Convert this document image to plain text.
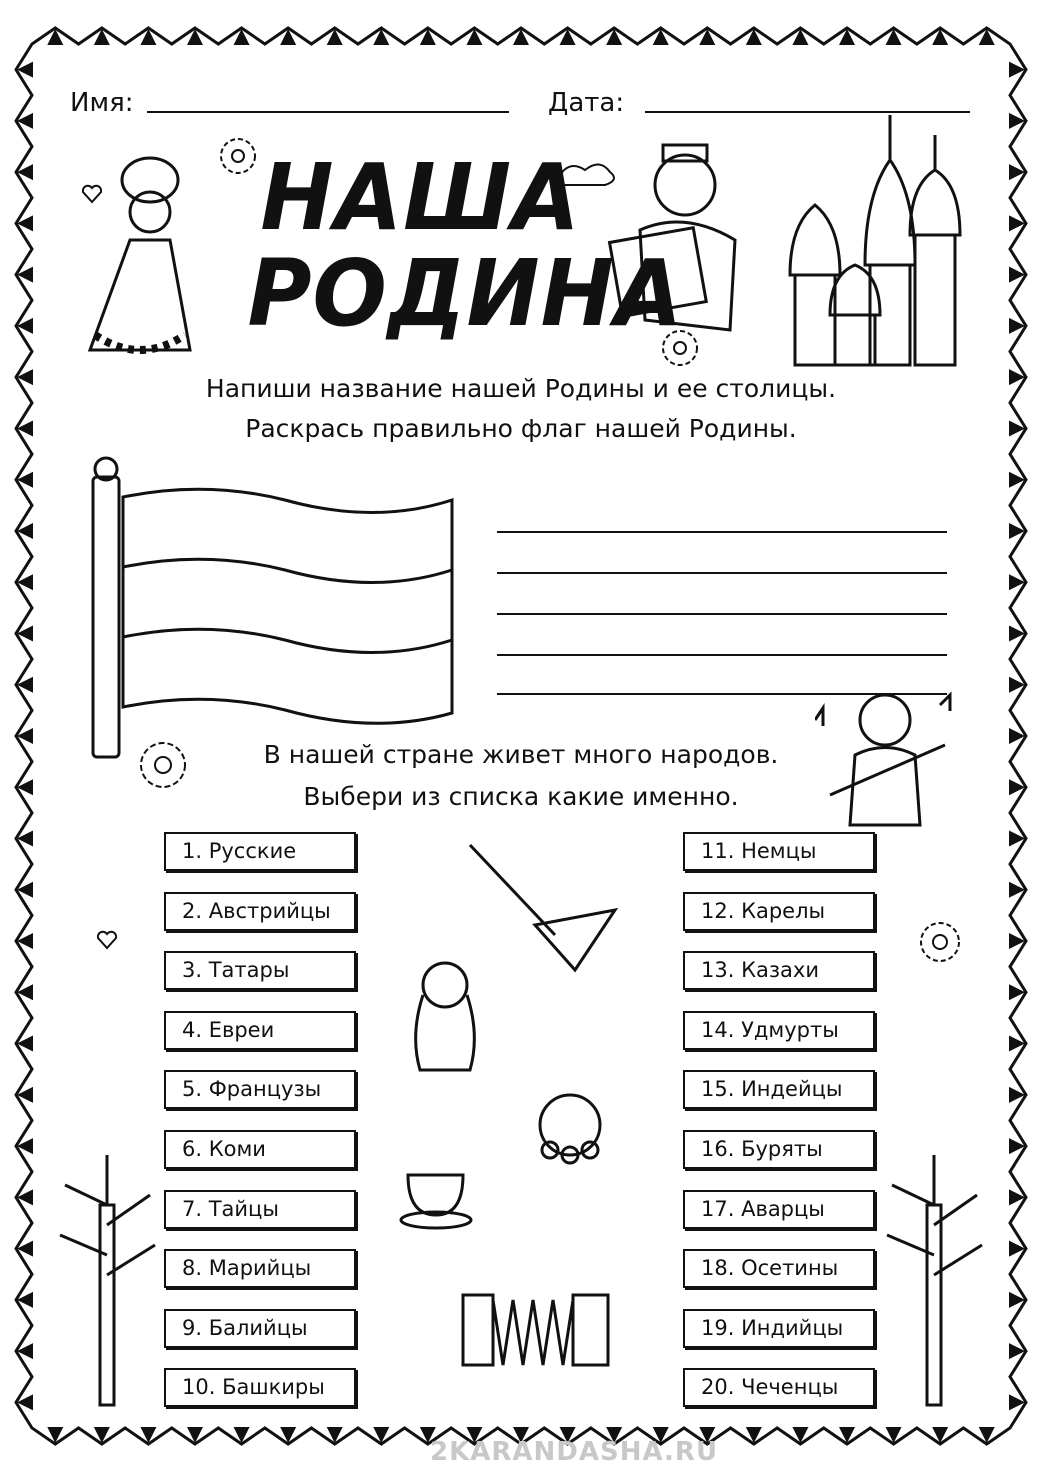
Имя:	Дата:
НАША
РОДИНА
Напиши название нашей Родины и ее столицы.
Раскрась правильно флаг нашей Родины.
В нашей стране живет много народов.
Выбери из списка какие именно.
1. Русские
2. Австрийцы
3. Татары
4. Евреи
5. Французы
6. Коми
7. Тайцы
8. Марийцы
9. Балийцы
10. Башкиры
11. Немцы
12. Карелы
13. Казахи
14. Удмурты
15. Индейцы
16. Буряты
17. Аварцы
18. Осетины
19. Индийцы
20. Чеченцы
2KARANDASHA.RU
